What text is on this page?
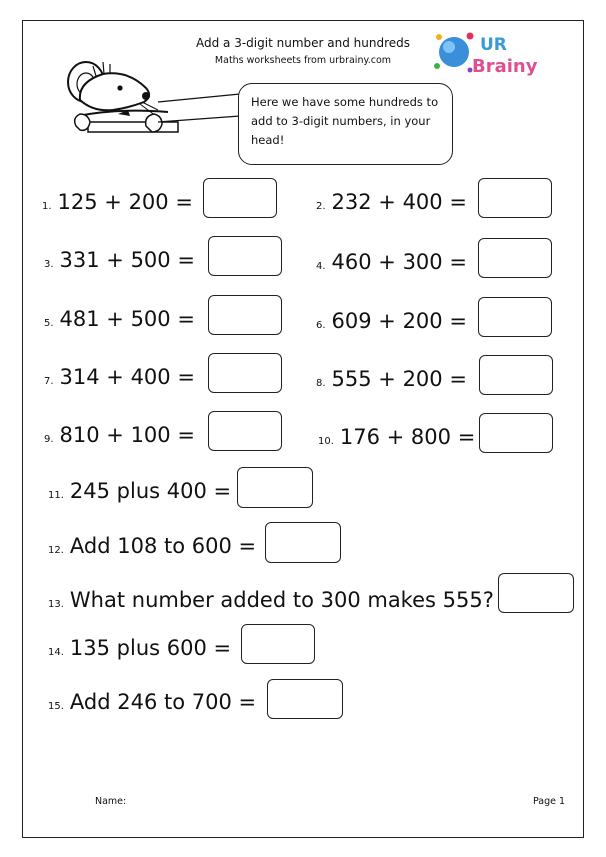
Add a 3-digit number and hundreds
Maths worksheets from urbrainy.com
UR
Brainy
Here we have some hundreds to add to 3-digit numbers, in your head!
1. 125 + 200 =	2. 232 + 400 =
3. 331 + 500 =	4. 460 + 300 =
5. 481 + 500 =	6. 609 + 200 =
7. 314 + 400 =	8. 555 + 200 =
9. 810 + 100 =	10. 176 + 800 =
11. 245 plus 400 =
12. Add 108 to 600 =
13. What number added to 300 makes 555?
14. 135 plus 600 =
15. Add 246 to 700 =
Name:	Page 1
